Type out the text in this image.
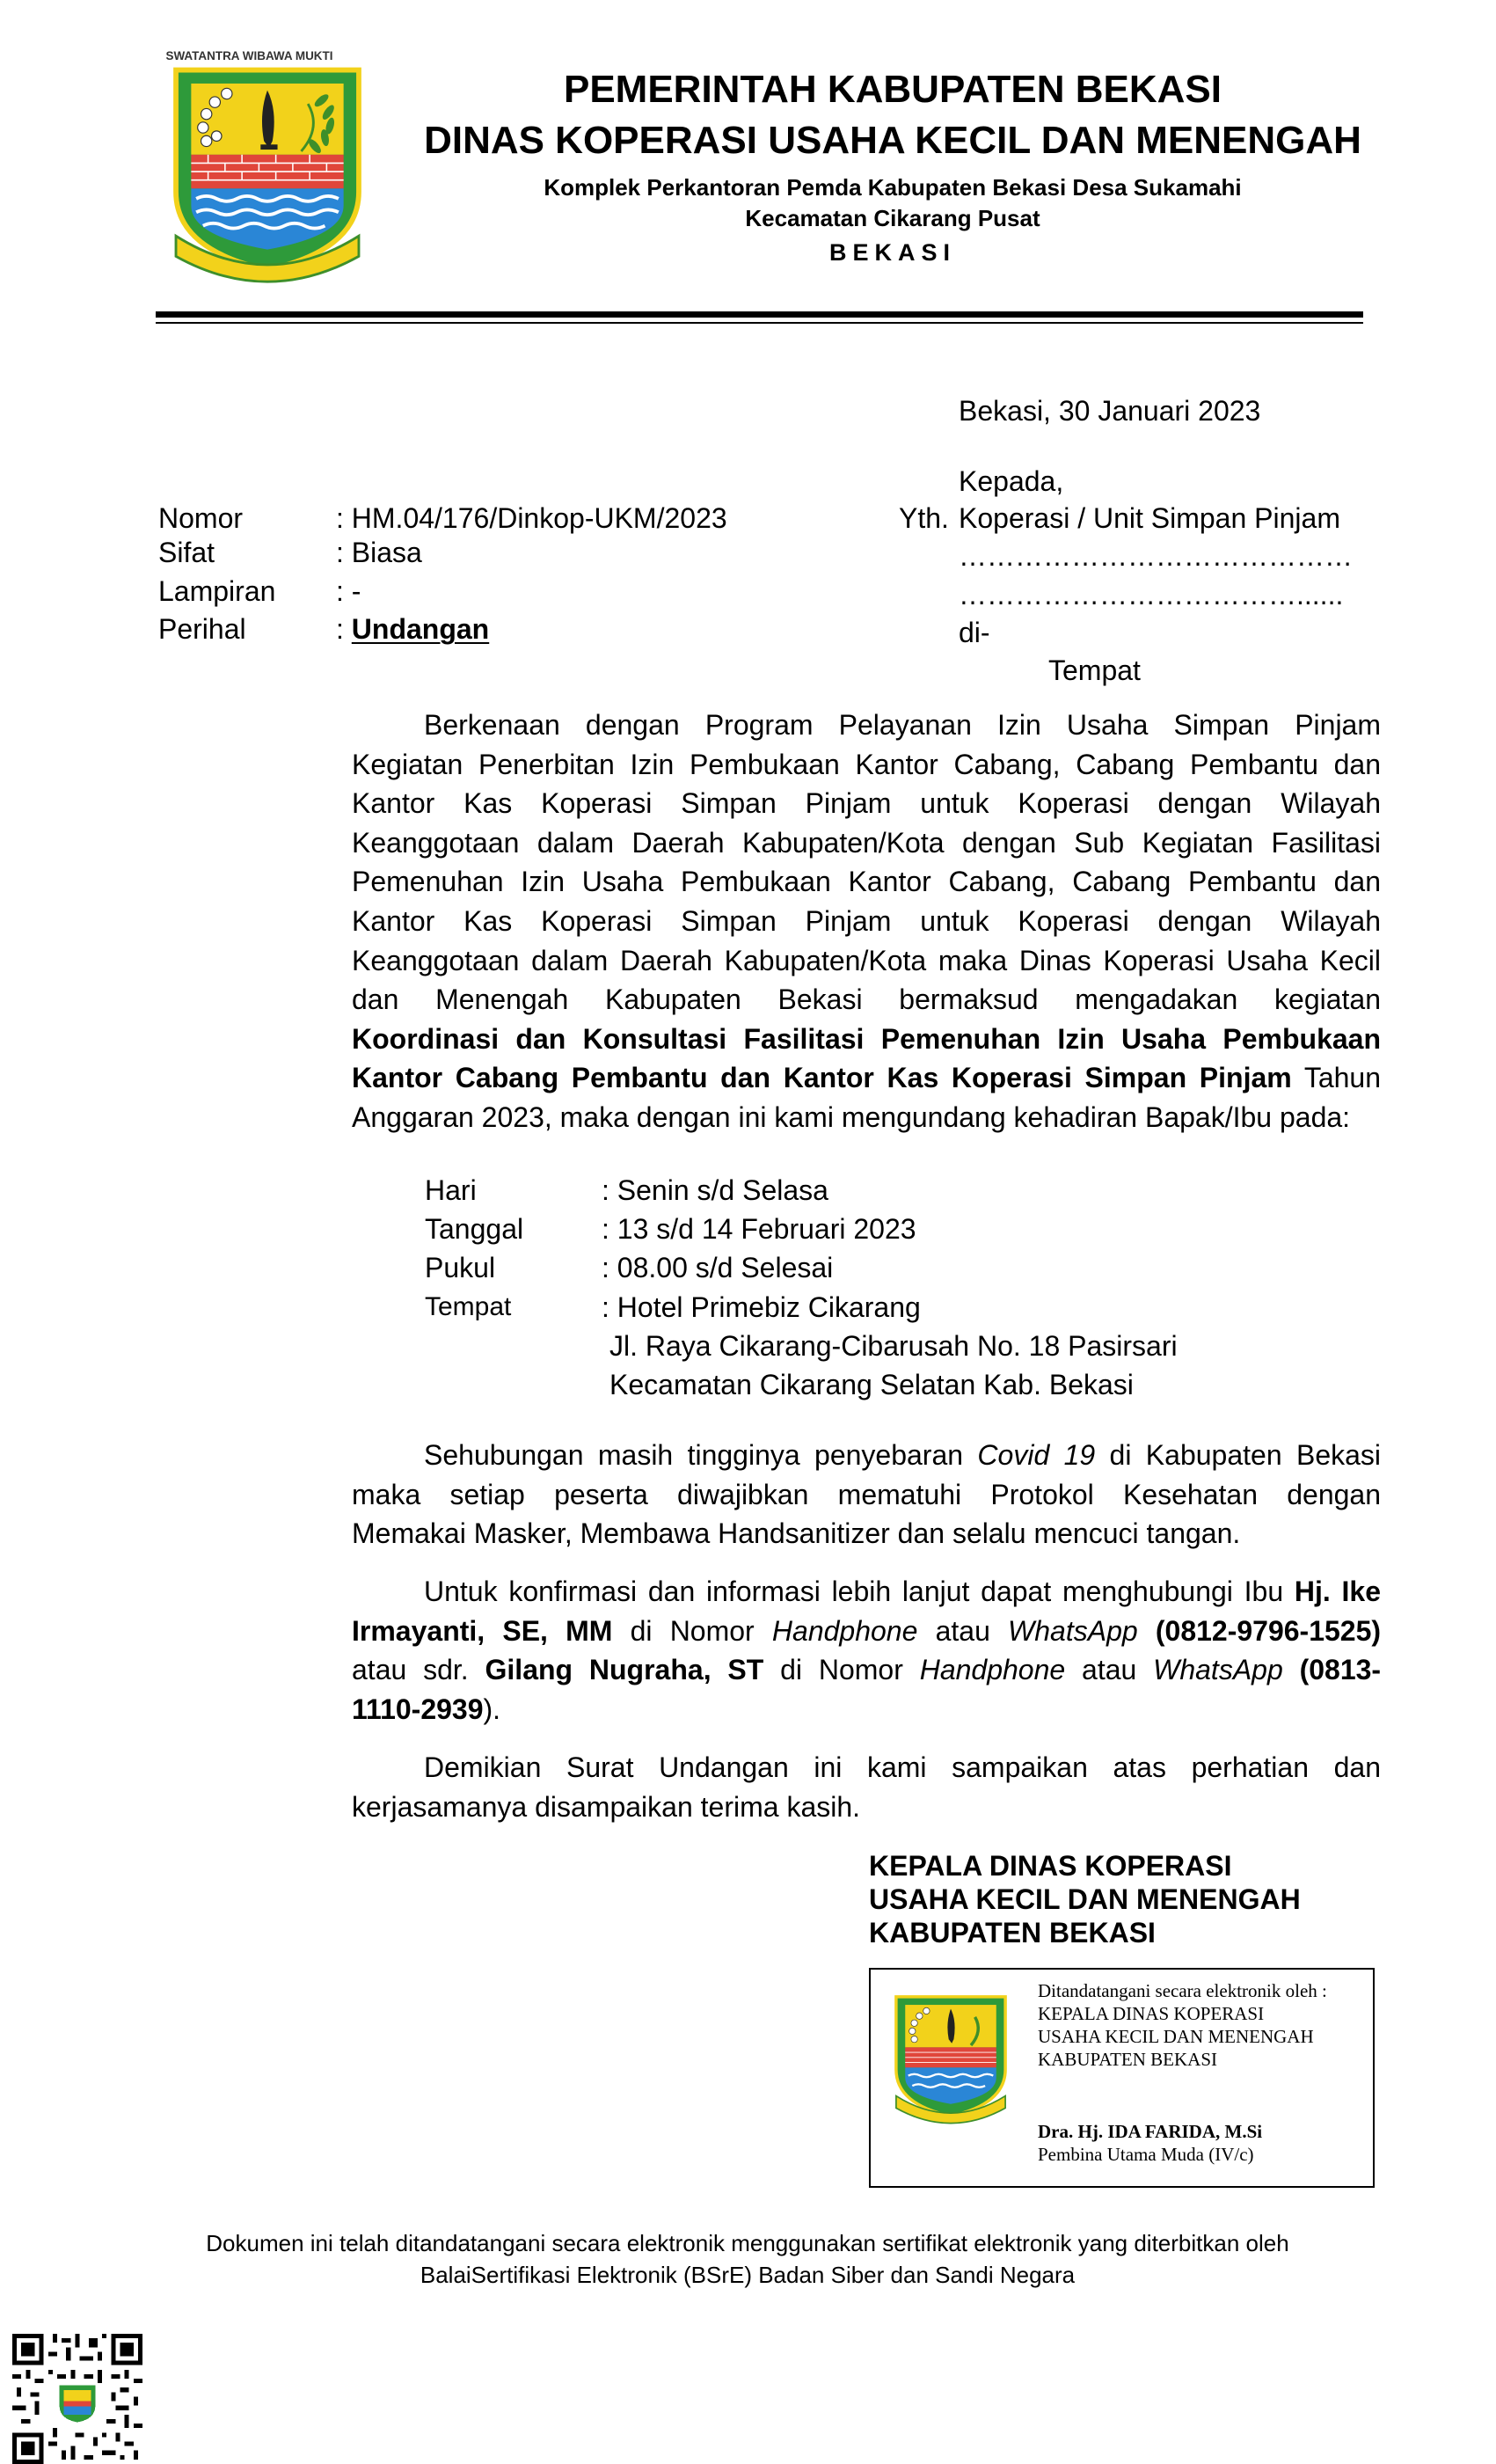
SWATANTRA WIBAWA MUKTI
PEMERINTAH KABUPATEN BEKASI
DINAS KOPERASI USAHA KECIL DAN MENENGAH
Komplek Perkantoran Pemda Kabupaten Bekasi Desa Sukamahi
Kecamatan Cikarang Pusat
BEKASI
Bekasi, 30 Januari 2023
Kepada,
Yth. Koperasi / Unit Simpan Pinjam
……………………………………
………………………………......
di-
Tempat
Nomor	: HM.04/176/Dinkop-UKM/2023
Sifat	: Biasa
Lampiran : -
Perihal	: Undangan
Berkenaan dengan Program Pelayanan Izin Usaha Simpan Pinjam
Kegiatan Penerbitan Izin Pembukaan Kantor Cabang, Cabang Pembantu dan
Kantor Kas Koperasi Simpan Pinjam untuk Koperasi dengan Wilayah
Keanggotaan dalam Daerah Kabupaten/Kota dengan Sub Kegiatan Fasilitasi
Pemenuhan Izin Usaha Pembukaan Kantor Cabang, Cabang Pembantu dan
Kantor Kas Koperasi Simpan Pinjam untuk Koperasi dengan Wilayah
Keanggotaan dalam Daerah Kabupaten/Kota maka Dinas Koperasi Usaha Kecil
dan Menengah Kabupaten Bekasi bermaksud mengadakan kegiatan
Koordinasi dan Konsultasi Fasilitasi Pemenuhan Izin Usaha Pembukaan
Kantor Cabang Pembantu dan Kantor Kas Koperasi Simpan Pinjam Tahun
Anggaran 2023, maka dengan ini kami mengundang kehadiran Bapak/Ibu pada:
Hari	: Senin s/d Selasa
Tanggal	: 13 s/d 14 Februari 2023
Pukul	: 08.00 s/d Selesai
Tempat	: Hotel Primebiz Cikarang
Jl. Raya Cikarang-Cibarusah No. 18 Pasirsari
Kecamatan Cikarang Selatan Kab. Bekasi
Sehubungan masih tingginya penyebaran Covid 19 di Kabupaten Bekasi
maka setiap peserta diwajibkan mematuhi Protokol Kesehatan dengan
Memakai Masker, Membawa Handsanitizer dan selalu mencuci tangan.
Untuk konfirmasi dan informasi lebih lanjut dapat menghubungi Ibu Hj. Ike
Irmayanti, SE, MM di Nomor Handphone atau WhatsApp (0812-9796-1525)
atau sdr. Gilang Nugraha, ST di Nomor Handphone atau WhatsApp (0813-
1110-2939).
Demikian Surat Undangan ini kami sampaikan atas perhatian dan
kerjasamanya disampaikan terima kasih.
KEPALA DINAS KOPERASI
USAHA KECIL DAN MENENGAH
KABUPATEN BEKASI
Ditandatangani secara elektronik oleh :
KEPALA DINAS KOPERASI
USAHA KECIL DAN MENENGAH
KABUPATEN BEKASI
Dra. Hj. IDA FARIDA, M.Si
Pembina Utama Muda (IV/c)
Dokumen ini telah ditandatangani secara elektronik menggunakan sertifikat elektronik yang diterbitkan oleh
BalaiSertifikasi Elektronik (BSrE) Badan Siber dan Sandi Negara
